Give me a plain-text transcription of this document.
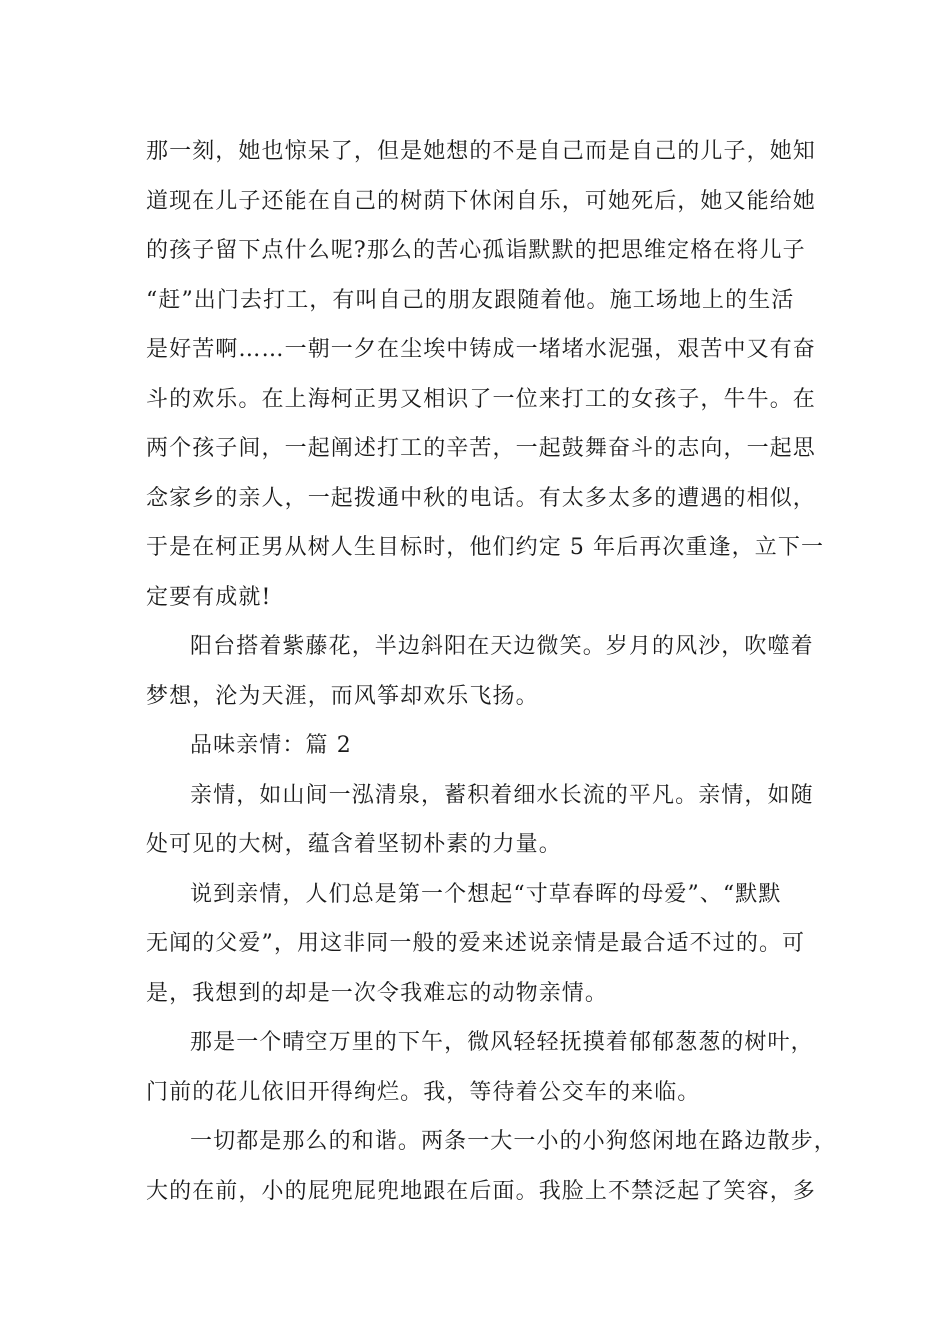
那一刻，她也惊呆了，但是她想的不是自己而是自己的儿子，她知
道现在儿子还能在自己的树荫下休闲自乐，可她死后，她又能给她
的孩子留下点什么呢?那么的苦心孤诣默默的把思维定格在将儿子
“赶”出门去打工，有叫自己的朋友跟随着他。施工场地上的生活
是好苦啊……一朝一夕在尘埃中铸成一堵堵水泥强，艰苦中又有奋
斗的欢乐。在上海柯正男又相识了一位来打工的女孩子，牛牛。在
两个孩子间，一起阐述打工的辛苦，一起鼓舞奋斗的志向，一起思
念家乡的亲人，一起拨通中秋的电话。有太多太多的遭遇的相似，
于是在柯正男从树人生目标时，他们约定 5 年后再次重逢，立下一
定要有成就!
阳台搭着紫藤花，半边斜阳在天边微笑。岁月的风沙，吹噬着
梦想，沦为天涯，而风筝却欢乐飞扬。
品味亲情：篇 2
亲情，如山间一泓清泉，蓄积着细水长流的平凡。亲情，如随
处可见的大树，蕴含着坚韧朴素的力量。
说到亲情，人们总是第一个想起“寸草春晖的母爱”、“默默
无闻的父爱”，用这非同一般的爱来述说亲情是最合适不过的。可
是，我想到的却是一次令我难忘的动物亲情。
那是一个晴空万里的下午，微风轻轻抚摸着郁郁葱葱的树叶，
门前的花儿依旧开得绚烂。我，等待着公交车的来临。
一切都是那么的和谐。两条一大一小的小狗悠闲地在路边散步，
大的在前，小的屁兜屁兜地跟在后面。我脸上不禁泛起了笑容，多
